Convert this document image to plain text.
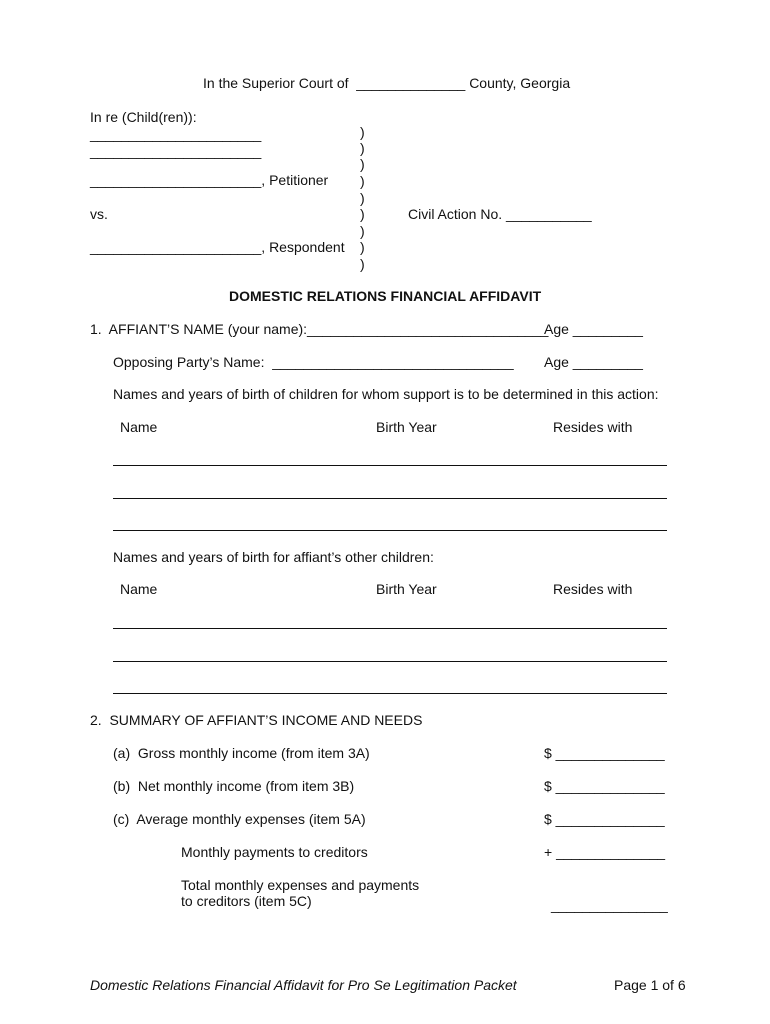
In the Superior Court of  ______________ County, Georgia
In re (Child(ren)):
______________________
______________________
______________________, Petitioner
vs.
______________________, Respondent
)
)
)
)
)
)
)
)
)
Civil Action No. ___________
DOMESTIC RELATIONS FINANCIAL AFFIDAVIT
1.  AFFIANT’S NAME (your name):_______________________________
Age _________
Opposing Party’s Name:  _______________________________ Age _________
Names and years of birth of children for whom support is to be determined in this action:
Name	Birth Year	Resides with
Names and years of birth for affiant’s other children:
Name	Birth Year	Resides with
2.  SUMMARY OF AFFIANT’S INCOME AND NEEDS
(a)  Gross monthly income (from item 3A)	$ ______________
(b)  Net monthly income (from item 3B)	$ ______________
(c)  Average monthly expenses (item 5A)	$ ______________
Monthly payments to creditors	+ ______________
Total monthly expenses and payments
to creditors (item 5C)	_______________
Domestic Relations Financial Affidavit for Pro Se Legitimation Packet	Page 1 of 6
